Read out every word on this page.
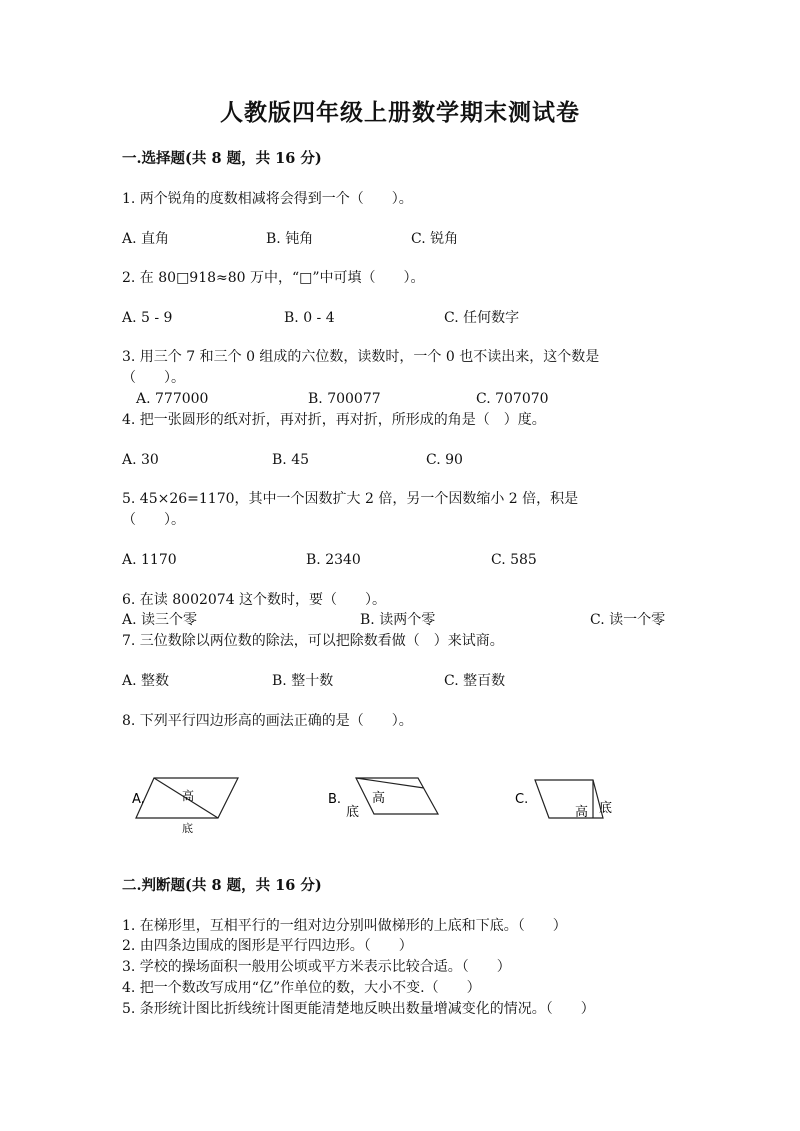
人教版四年级上册数学期末测试卷
一.选择题(共 8 题，共 16 分)
1. 两个锐角的度数相减将会得到一个（　　）。
A. 直角	B. 钝角	C. 锐角
2. 在 80□918≈80 万中，“□”中可填（　　）。
A. 5 - 9	B. 0 - 4	C. 任何数字
3. 用三个 7 和三个 0 组成的六位数，读数时，一个 0 也不读出来，这个数是
（　　）。
A. 777000	B. 700077	C. 707070
4. 把一张圆形的纸对折，再对折，再对折，所形成的角是（　）度。
A. 30	B. 45	C. 90
5. 45×26=1170，其中一个因数扩大 2 倍，另一个因数缩小 2 倍，积是
（　　）。
A. 1170	B. 2340	C. 585
6. 在读 8002074 这个数时，要（　　）。
A. 读三个零	B. 读两个零	C. 读一个零
7. 三位数除以两位数的除法，可以把除数看做（　）来试商。
A. 整数	B. 整十数	C. 整百数
8. 下列平行四边形高的画法正确的是（　　）。
A.	高
底
B. 高
底
C.
高 底
二.判断题(共 8 题，共 16 分)
1. 在梯形里，互相平行的一组对边分别叫做梯形的上底和下底。（　　）
2. 由四条边围成的图形是平行四边形。（　　）
3. 学校的操场面积一般用公顷或平方米表示比较合适。（　　）
4. 把一个数改写成用“亿”作单位的数，大小不变.（　　）
5. 条形统计图比折线统计图更能清楚地反映出数量增减变化的情况。（　　）
